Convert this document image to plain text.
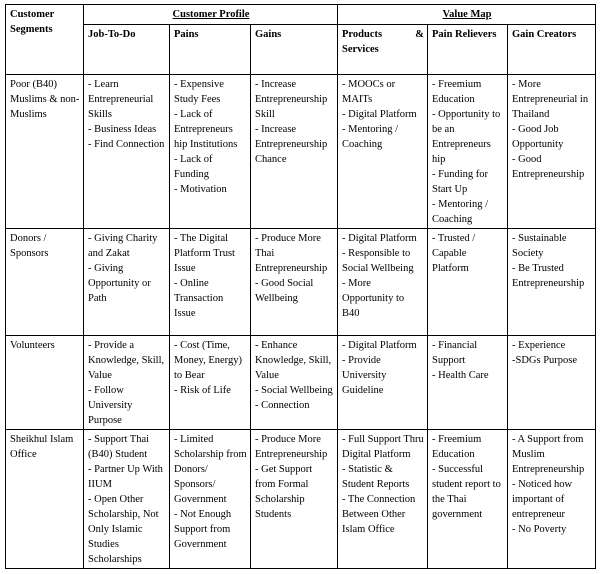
Customer Segments	Customer Profile			Value Map		
	Job-To-Do	Pains	Gains	Products & Services	Pain Relievers	Gain Creators
Poor (B40) Muslims & non-Muslims	- Learn Entrepreneurial Skills
- Business Ideas
- Find Connection	- Expensive Study Fees
- Lack of Entrepreneurs hip Institutions
- Lack of Funding
- Motivation	- Increase Entrepreneurship Skill
- Increase Entrepreneurship Chance	- MOOCs or MAITs
- Digital Platform
- Mentoring / Coaching	- Freemium Education
- Opportunity to be an Entrepreneurs hip
- Funding for Start Up
- Mentoring / Coaching	- More Entrepreneurial in Thailand
- Good Job Opportunity
- Good Entrepreneurship

Donors / Sponsors	- Giving Charity and Zakat
- Giving Opportunity or Path	- The Digital Platform Trust Issue
- Online Transaction Issue	- Produce More Thai Entrepreneurship
- Good Social Wellbeing	- Digital Platform
- Responsible to Social Wellbeing
- More Opportunity to B40	- Trusted / Capable Platform	- Sustainable Society
- Be Trusted Entrepreneurship

Volunteers	- Provide a Knowledge, Skill, Value
- Follow University Purpose	- Cost (Time, Money, Energy) to Bear
- Risk of Life	- Enhance Knowledge, Skill, Value
- Social Wellbeing
- Connection	- Digital Platform
- Provide University Guideline	- Financial Support
- Health Care	- Experience
-SDGs Purpose

Sheikhul Islam Office	- Support Thai (B40) Student
- Partner Up With IIUM
- Open Other Scholarship, Not Only Islamic Studies Scholarships	- Limited Scholarship from Donors/ Sponsors/ Government
- Not Enough Support from Government	- Produce More Entrepreneurship
- Get Support from Formal Scholarship Students	- Full Support Thru Digital Platform
- Statistic & Student Reports
- The Connection Between Other Islam Office	- Freemium Education
- Successful student report to the Thai government	- A Support from Muslim Entrepreneurship
- Noticed how important of entrepreneur
- No Poverty
